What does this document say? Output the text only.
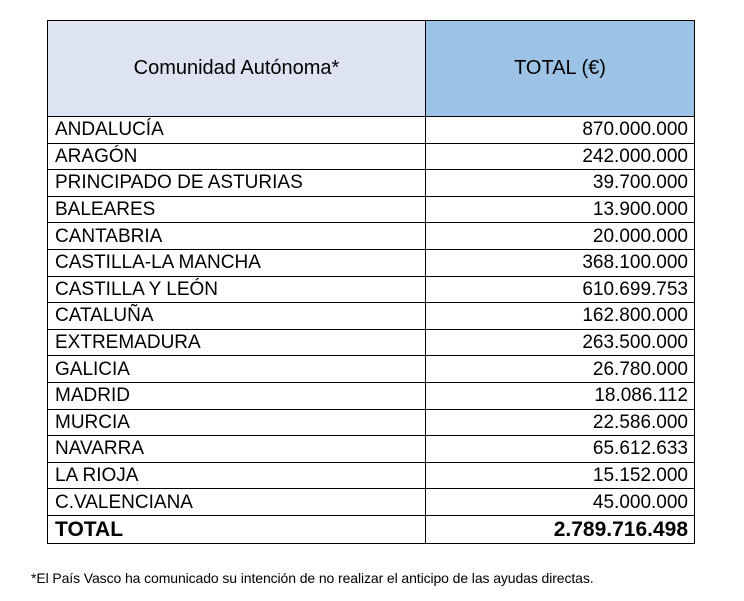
Comunidad Autónoma*	TOTAL (€)
ANDALUCÍA	870.000.000
ARAGÓN	242.000.000
PRINCIPADO DE ASTURIAS	39.700.000
BALEARES	13.900.000
CANTABRIA	20.000.000
CASTILLA-LA MANCHA	368.100.000
CASTILLA Y LEÓN	610.699.753
CATALUÑA	162.800.000
EXTREMADURA	263.500.000
GALICIA	26.780.000
MADRID	18.086.112
MURCIA	22.586.000
NAVARRA	65.612.633
LA RIOJA	15.152.000
C.VALENCIANA	45.000.000
TOTAL	2.789.716.498
*El País Vasco ha comunicado su intención de no realizar el anticipo de las ayudas directas.
